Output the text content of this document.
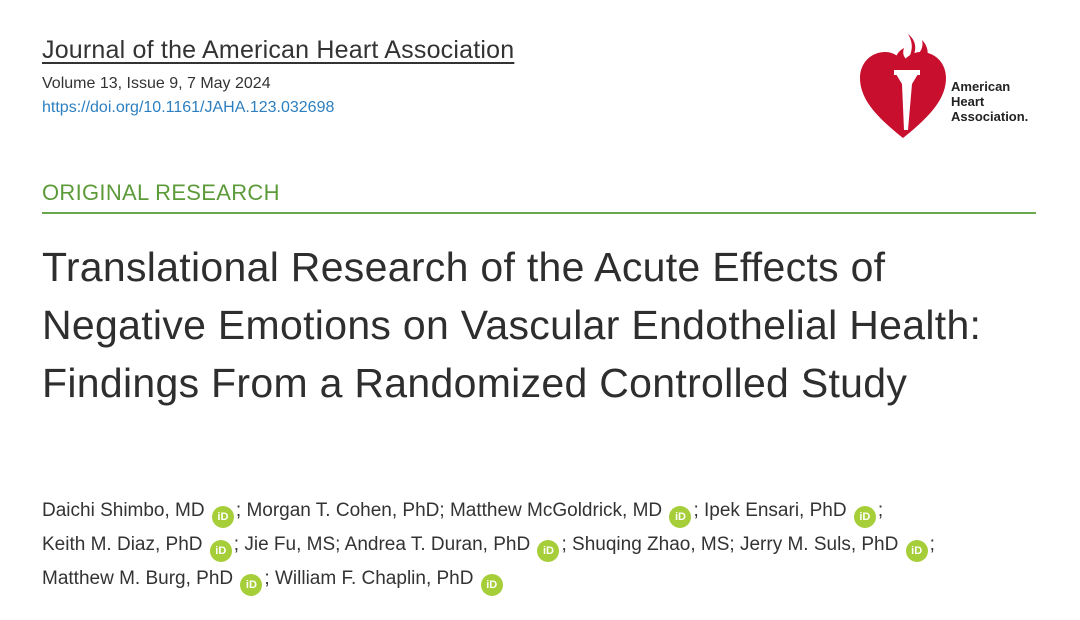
Journal of the American Heart Association
Volume 13, Issue 9, 7 May 2024
https://doi.org/10.1161/JAHA.123.032698
American
Heart
Association.
ORIGINAL RESEARCH
Translational Research of the Acute Effects of Negative Emotions on Vascular Endothelial Health: Findings From a Randomized Controlled Study
Daichi Shimbo, MD iD ; Morgan T. Cohen, PhD; Matthew McGoldrick, MD iD ; Ipek Ensari, PhD iD ; Keith M. Diaz, PhD iD ; Jie Fu, MS; Andrea T. Duran, PhD iD ; Shuqing Zhao, MS; Jerry M. Suls, PhD iD ; Matthew M. Burg, PhD iD ; William F. Chaplin, PhD iD
